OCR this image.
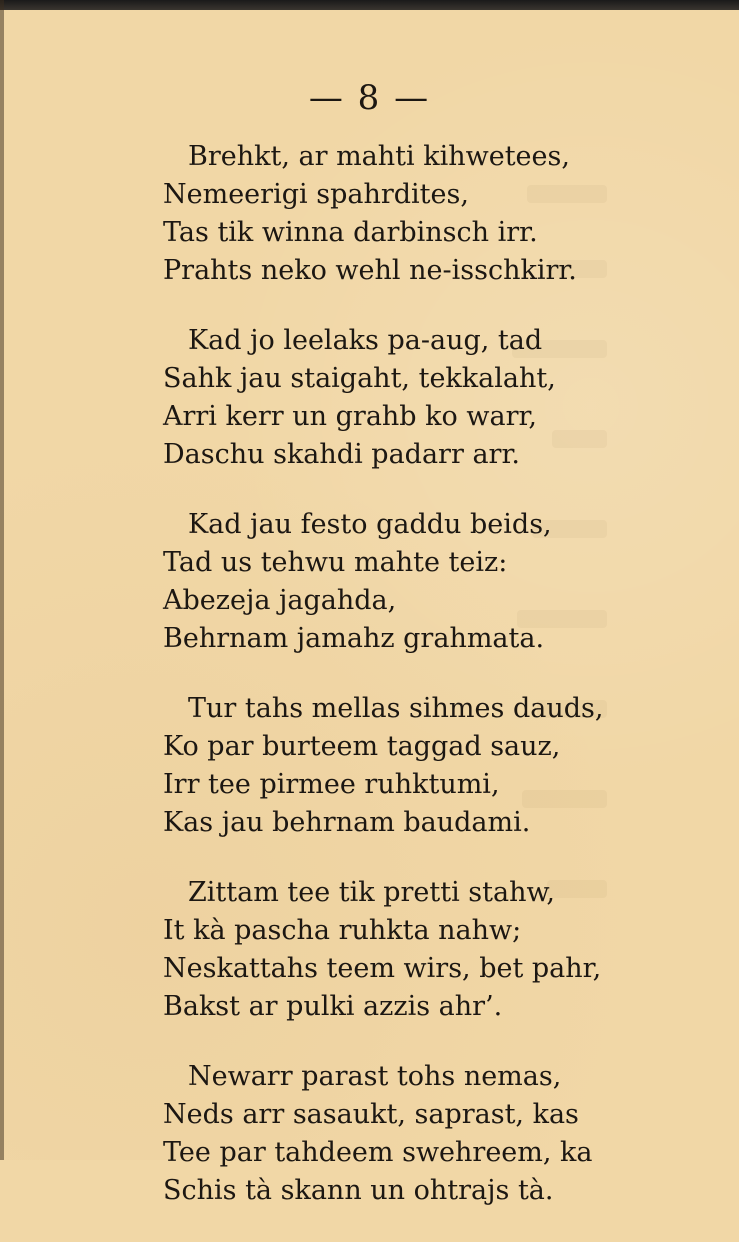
— 8 —
Brehkt, ar mahti kihwetees,
Nemeerigi spahrdites,
Tas tik winna darbinsch irr.
Prahts neko wehl ne-isschkirr.
Kad jo leelaks pa-aug, tad
Sahk jau staigaht, tekkalaht,
Arri kerr un grahb ko warr,
Daschu skahdi padarr arr.
Kad jau festo gaddu beids,
Tad us tehwu mahte teiz:
Abezeja jagahda,
Behrnam jamahz grahmata.
Tur tahs mellas sihmes dauds,
Ko par burteem taggad sauz,
Irr tee pirmee ruhktumi,
Kas jau behrnam baudami.
Zittam tee tik pretti stahw,
It kà pascha ruhkta nahw;
Neskattahs teem wirs, bet pahr,
Bakst ar pulki azzis ahr’.
Newarr parast tohs nemas,
Neds arr sasaukt, saprast, kas
Tee par tahdeem swehreem, ka
Schis tà skann un ohtrajs tà.
